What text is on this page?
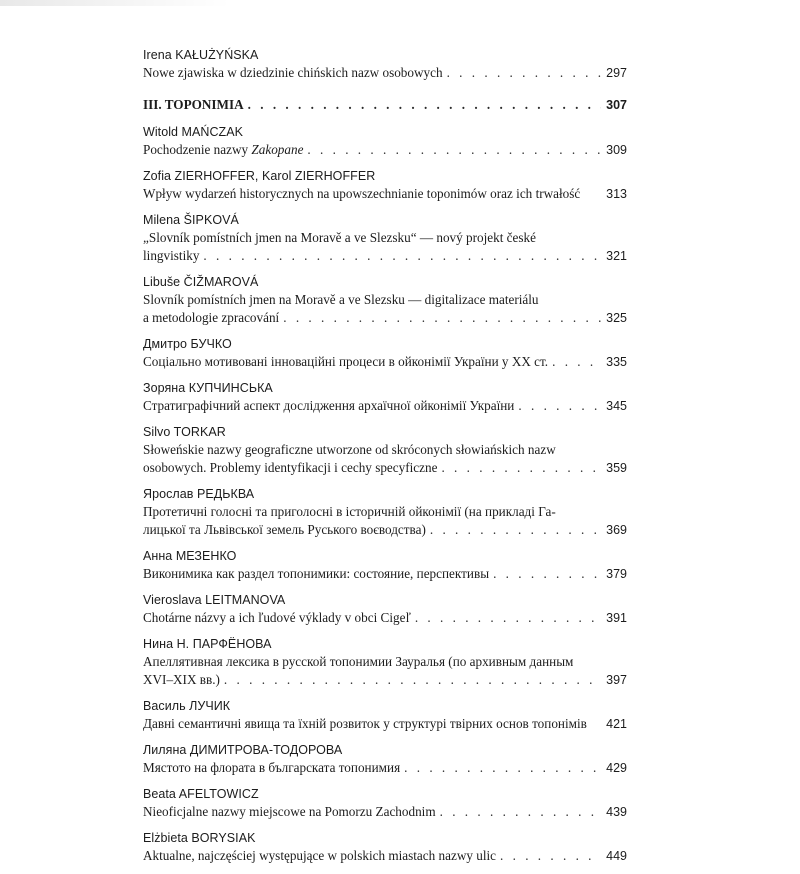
Irena KAŁUŻYŃSKA
Nowe zjawiska w dziedzinie chińskich nazw osobowych . . .	297
III. TOPONIMIA . . .	307
Witold MAŃCZAK
Pochodzenie nazwy Zakopane . . .	309
Zofia ZIERHOFFER, Karol ZIERHOFFER
Wpływ wydarzeń historycznych na upowszechnianie toponimów oraz ich trwałość 313
Milena ŠIPKOVÁ
„Slovník pomístních jmen na Moravě a ve Slezsku“ — nový projekt české
lingvistiky . . .	321
Libuše ČIŽMAROVÁ
Slovník pomístních jmen na Moravě a ve Slezsku — digitalizace materiálu
a metodologie zpracování . . .	325
Дмитро БУЧКО
Соціально мотивовані інноваційні процеси в ойконімії України у XX ст. . . .	335
Зоряна КУПЧИНСЬКА
Стратиграфічний аспект дослідження архаїчної ойконімії України . . .	345
Silvo TORKAR
Słoweńskie nazwy geograficzne utworzone od skróconych słowiańskich nazw
osobowych. Problemy identyfikacji i cechy specyficzne . . .	359
Ярослав РЕДЬКВА
Протетичні голосні та приголосні в історичній ойконімії (на прикладі Га-
лицької та Львівської земель Руського воєводства) . . .	369
Анна МЕЗЕНКО
Виконимика как раздел топонимики: состояние, перспективы . . .	379
Vieroslava LEITMANOVA
Chotárne názvy a ich ľudové výklady v obci Cigeľ . . .	391
Нина Н. ПАРФЁНОВА
Апеллятивная лексика в русской топонимии Зауралья (по архивным данным
XVI–XIX вв.) . . .	397
Василь ЛУЧИК
Давні семантичні явища та їхній розвиток у структурі твірних основ топонімів 421
Лиляна ДИМИТРОВА-ТОДОРОВА
Мястото на флората в българската топонимия . . .	429
Beata AFELTOWICZ
Nieoficjalne nazwy miejscowe na Pomorzu Zachodnim . . .	439
Elżbieta BORYSIAK
Aktualne, najczęściej występujące w polskich miastach nazwy ulic . . .	449
